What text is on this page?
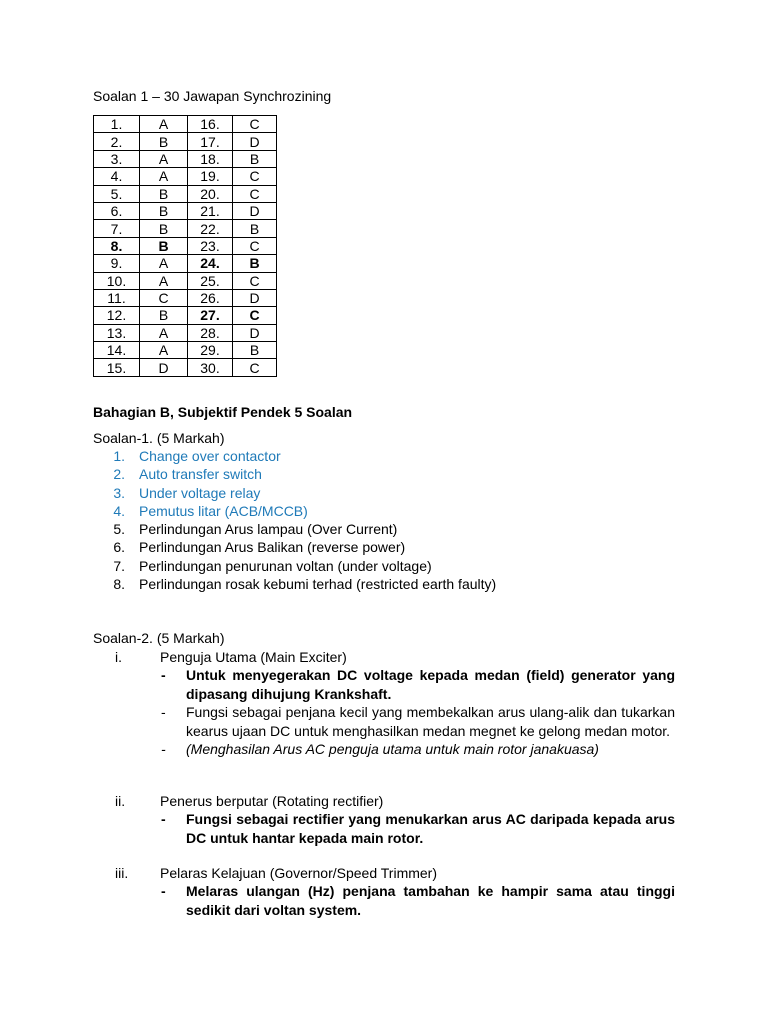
Soalan 1 – 30 Jawapan Synchrozining
1.	A	16.	C
2.	B	17.	D
3.	A	18.	B
4.	A	19.	C
5.	B	20.	C
6.	B	21.	D
7.	B	22.	B
8.	B	23.	C
9.	A	24.	B
10.	A	25.	C
11.	C	26.	D
12.	B	27.	C
13.	A	28.	D
14.	A	29.	B
15.	D	30.	C
Bahagian B, Subjektif Pendek 5 Soalan

Soalan-1. (5 Markah)

1. Change over contactor
2. Auto transfer switch
3. Under voltage relay
4. Pemutus litar (ACB/MCCB)
5. Perlindungan Arus lampau (Over Current)
6. Perlindungan Arus Balikan (reverse power)
7. Perlindungan penurunan voltan (under voltage)
8. Perlindungan rosak kebumi terhad (restricted earth faulty)

Soalan-2. (5 Markah)

i.	Penguja Utama (Main Exciter)
- Untuk menyegerakan DC voltage kepada medan (field) generator yang dipasang dihujung Krankshaft.
- Fungsi sebagai penjana kecil yang membekalkan arus ulang-alik dan tukarkan kearus ujaan DC untuk menghasilkan medan megnet ke gelong medan motor.
- (Menghasilan Arus AC penguja utama untuk main rotor janakuasa)
ii. Penerus berputar (Rotating rectifier)
- Fungsi sebagai rectifier yang menukarkan arus AC daripada kepada arus DC untuk hantar kepada main rotor.
iii. Pelaras Kelajuan (Governor/Speed Trimmer)
- Melaras ulangan (Hz) penjana tambahan ke hampir sama atau tinggi sedikit dari voltan system.
